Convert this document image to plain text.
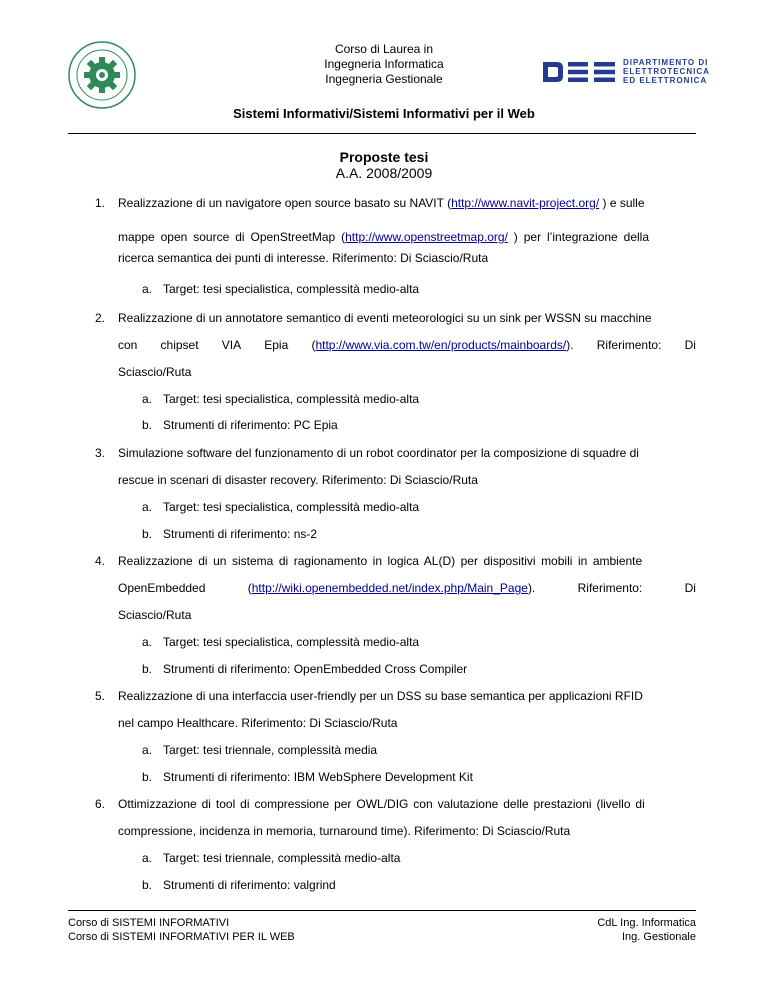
Corso di Laurea in
Ingegneria Informatica
Ingegneria Gestionale
DIPARTIMENTO DI
ELETTROTECNICA
ED ELETTRONICA
Sistemi Informativi/Sistemi Informativi per il Web
Proposte tesi
A.A. 2008/2009
1. Realizzazione di un navigatore open source basato su NAVIT ( http://www.navit-project.org/ ) e sulle
mappe open source di OpenStreetMap ( http://www.openstreetmap.org/ ) per l’integrazione della
ricerca semantica dei punti di interesse. Riferimento: Di Sciascio/Ruta
a. Target: tesi specialistica, complessità medio-alta
2. Realizzazione di un annotatore semantico di eventi meteorologici su un sink per WSSN su macchine
con chipset VIA Epia (http://www.via.com.tw/en/products/mainboards/). Riferimento: Di
Sciascio/Ruta
a. Target: tesi specialistica, complessità medio-alta
b. Strumenti di riferimento: PC Epia
3. Simulazione software del funzionamento di un robot coordinator per la composizione di squadre di
rescue in scenari di disaster recovery. Riferimento: Di Sciascio/Ruta
a. Target: tesi specialistica, complessità medio-alta
b. Strumenti di riferimento: ns-2
4. Realizzazione di un sistema di ragionamento in logica AL(D) per dispositivi mobili in ambiente
OpenEmbedded	(http://wiki.openembedded.net/index.php/Main_Page).	Riferimento:	Di
Sciascio/Ruta
a. Target: tesi specialistica, complessità medio-alta
b. Strumenti di riferimento: OpenEmbedded Cross Compiler
5. Realizzazione di una interfaccia user-friendly per un DSS su base semantica per applicazioni RFID
nel campo Healthcare. Riferimento: Di Sciascio/Ruta
a. Target: tesi triennale, complessità media
b. Strumenti di riferimento: IBM WebSphere Development Kit
6. Ottimizzazione di tool di compressione per OWL/DIG con valutazione delle prestazioni (livello di
compressione, incidenza in memoria, turnaround time). Riferimento: Di Sciascio/Ruta
a. Target: tesi triennale, complessità medio-alta
b. Strumenti di riferimento: valgrind
Corso di SISTEMI INFORMATIVI
Corso di SISTEMI INFORMATIVI PER IL WEB
CdL Ing. Informatica
Ing. Gestionale
